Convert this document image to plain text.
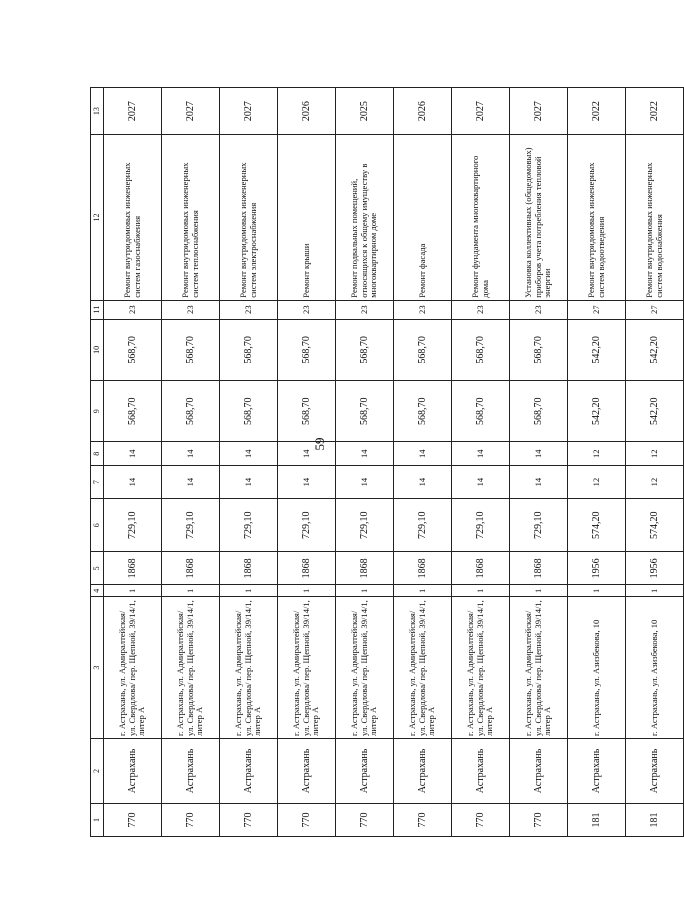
59
1	2	3	4	5	6	7	8	9	10	11	12	13
770	Астрахань	г. Астрахань, ул. Адмиралтейская/ ул. Свердлова/ пер. Щепной, 39/14/1, литер А	1	1868	729,10	14	14	568,70	568,70	23	Ремонт внутридомовых инженерных систем газоснабжения	2027
770	Астрахань	г. Астрахань, ул. Адмиралтейская/ ул. Свердлова/ пер. Щепной, 39/14/1, литер А	1	1868	729,10	14	14	568,70	568,70	23	Ремонт внутридомовых инженерных систем теплоснабжения	2027
770	Астрахань	г. Астрахань, ул. Адмиралтейская/ ул. Свердлова/ пер. Щепной, 39/14/1, литер А	1	1868	729,10	14	14	568,70	568,70	23	Ремонт внутридомовых инженерных систем электроснабжения	2027
770	Астрахань	г. Астрахань, ул. Адмиралтейская/ ул. Свердлова/ пер. Щепной, 39/14/1, литер А	1	1868	729,10	14	14	568,70	568,70	23	Ремонт крыши	2026
770	Астрахань	г. Астрахань, ул. Адмиралтейская/ ул. Свердлова/ пер. Щепной, 39/14/1, литер А	1	1868	729,10	14	14	568,70	568,70	23	Ремонт подвальных помещений, относящихся к общему имуществу в многоквартирном доме	2025
770	Астрахань	г. Астрахань, ул. Адмиралтейская/ ул. Свердлова/ пер. Щепной, 39/14/1, литер А	1	1868	729,10	14	14	568,70	568,70	23	Ремонт фасада	2026
770	Астрахань	г. Астрахань, ул. Адмиралтейская/ ул. Свердлова/ пер. Щепной, 39/14/1, литер А	1	1868	729,10	14	14	568,70	568,70	23	Ремонт фундамента многоквартирного дома	2027
770	Астрахань	г. Астрахань, ул. Адмиралтейская/ ул. Свердлова/ пер. Щепной, 39/14/1, литер А	1	1868	729,10	14	14	568,70	568,70	23	Установка коллективных (общедомовых) приборов учета потребления тепловой энергии	2027
181	Астрахань	г. Астрахань, ул. Азизбекова, 10	1	1956	574,20	12	12	542,20	542,20	27	Ремонт внутридомовых инженерных систем водоотведения	2022
181	Астрахань	г. Астрахань, ул. Азизбекова, 10	1	1956	574,20	12	12	542,20	542,20	27	Ремонт внутридомовых инженерных систем водоснабжения	2022
